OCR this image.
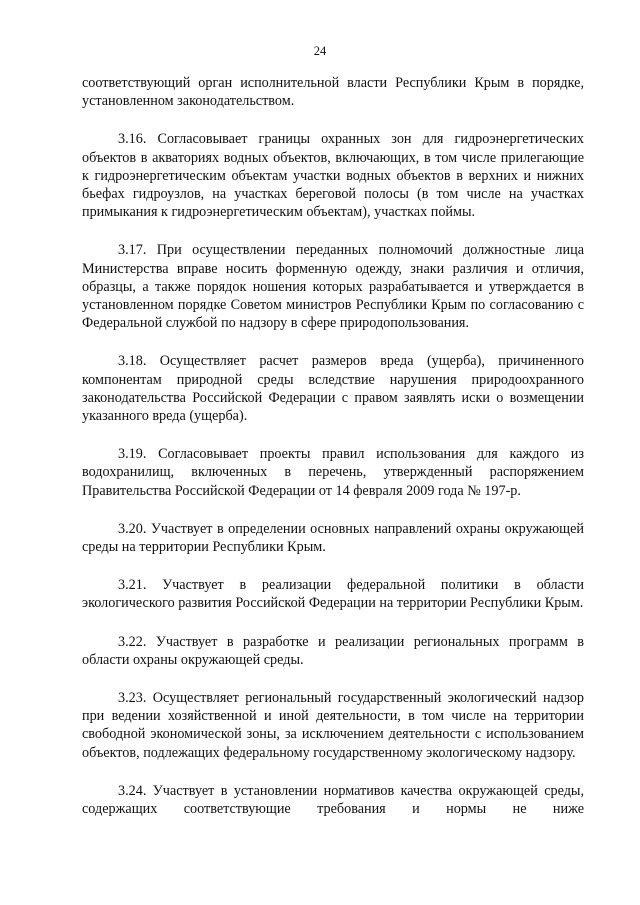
24

соответствующий орган исполнительной власти Республики Крым в порядке, установленном законодательством.

3.16. Согласовывает границы охранных зон для гидроэнергетических объектов в акваториях водных объектов, включающих, в том числе прилегающие к гидроэнергетическим объектам участки водных объектов в верхних и нижних бьефах гидроузлов, на участках береговой полосы (в том числе на участках примыкания к гидроэнергетическим объектам), участках поймы.

3.17. При осуществлении переданных полномочий должностные лица Министерства вправе носить форменную одежду, знаки различия и отличия, образцы, а также порядок ношения которых разрабатывается и утверждается в установленном порядке Советом министров Республики Крым по согласованию с Федеральной службой по надзору в сфере природопользования.

3.18. Осуществляет расчет размеров вреда (ущерба), причиненного компонентам природной среды вследствие нарушения природоохранного законодательства Российской Федерации с правом заявлять иски о возмещении указанного вреда (ущерба).

3.19. Согласовывает проекты правил использования для каждого из водохранилищ, включенных в перечень, утвержденный распоряжением Правительства Российской Федерации от 14 февраля 2009 года № 197-р.

3.20. Участвует в определении основных направлений охраны окружающей среды на территории Республики Крым.

3.21. Участвует в реализации федеральной политики в области экологического развития Российской Федерации на территории Республики Крым.

3.22. Участвует в разработке и реализации региональных программ в области охраны окружающей среды.

3.23. Осуществляет региональный государственный экологический надзор при ведении хозяйственной и иной деятельности, в том числе на территории свободной экономической зоны, за исключением деятельности с использованием объектов, подлежащих федеральному государственному экологическому надзору.

3.24. Участвует в установлении нормативов качества окружающей среды, содержащих соответствующие требования и нормы не ниже
